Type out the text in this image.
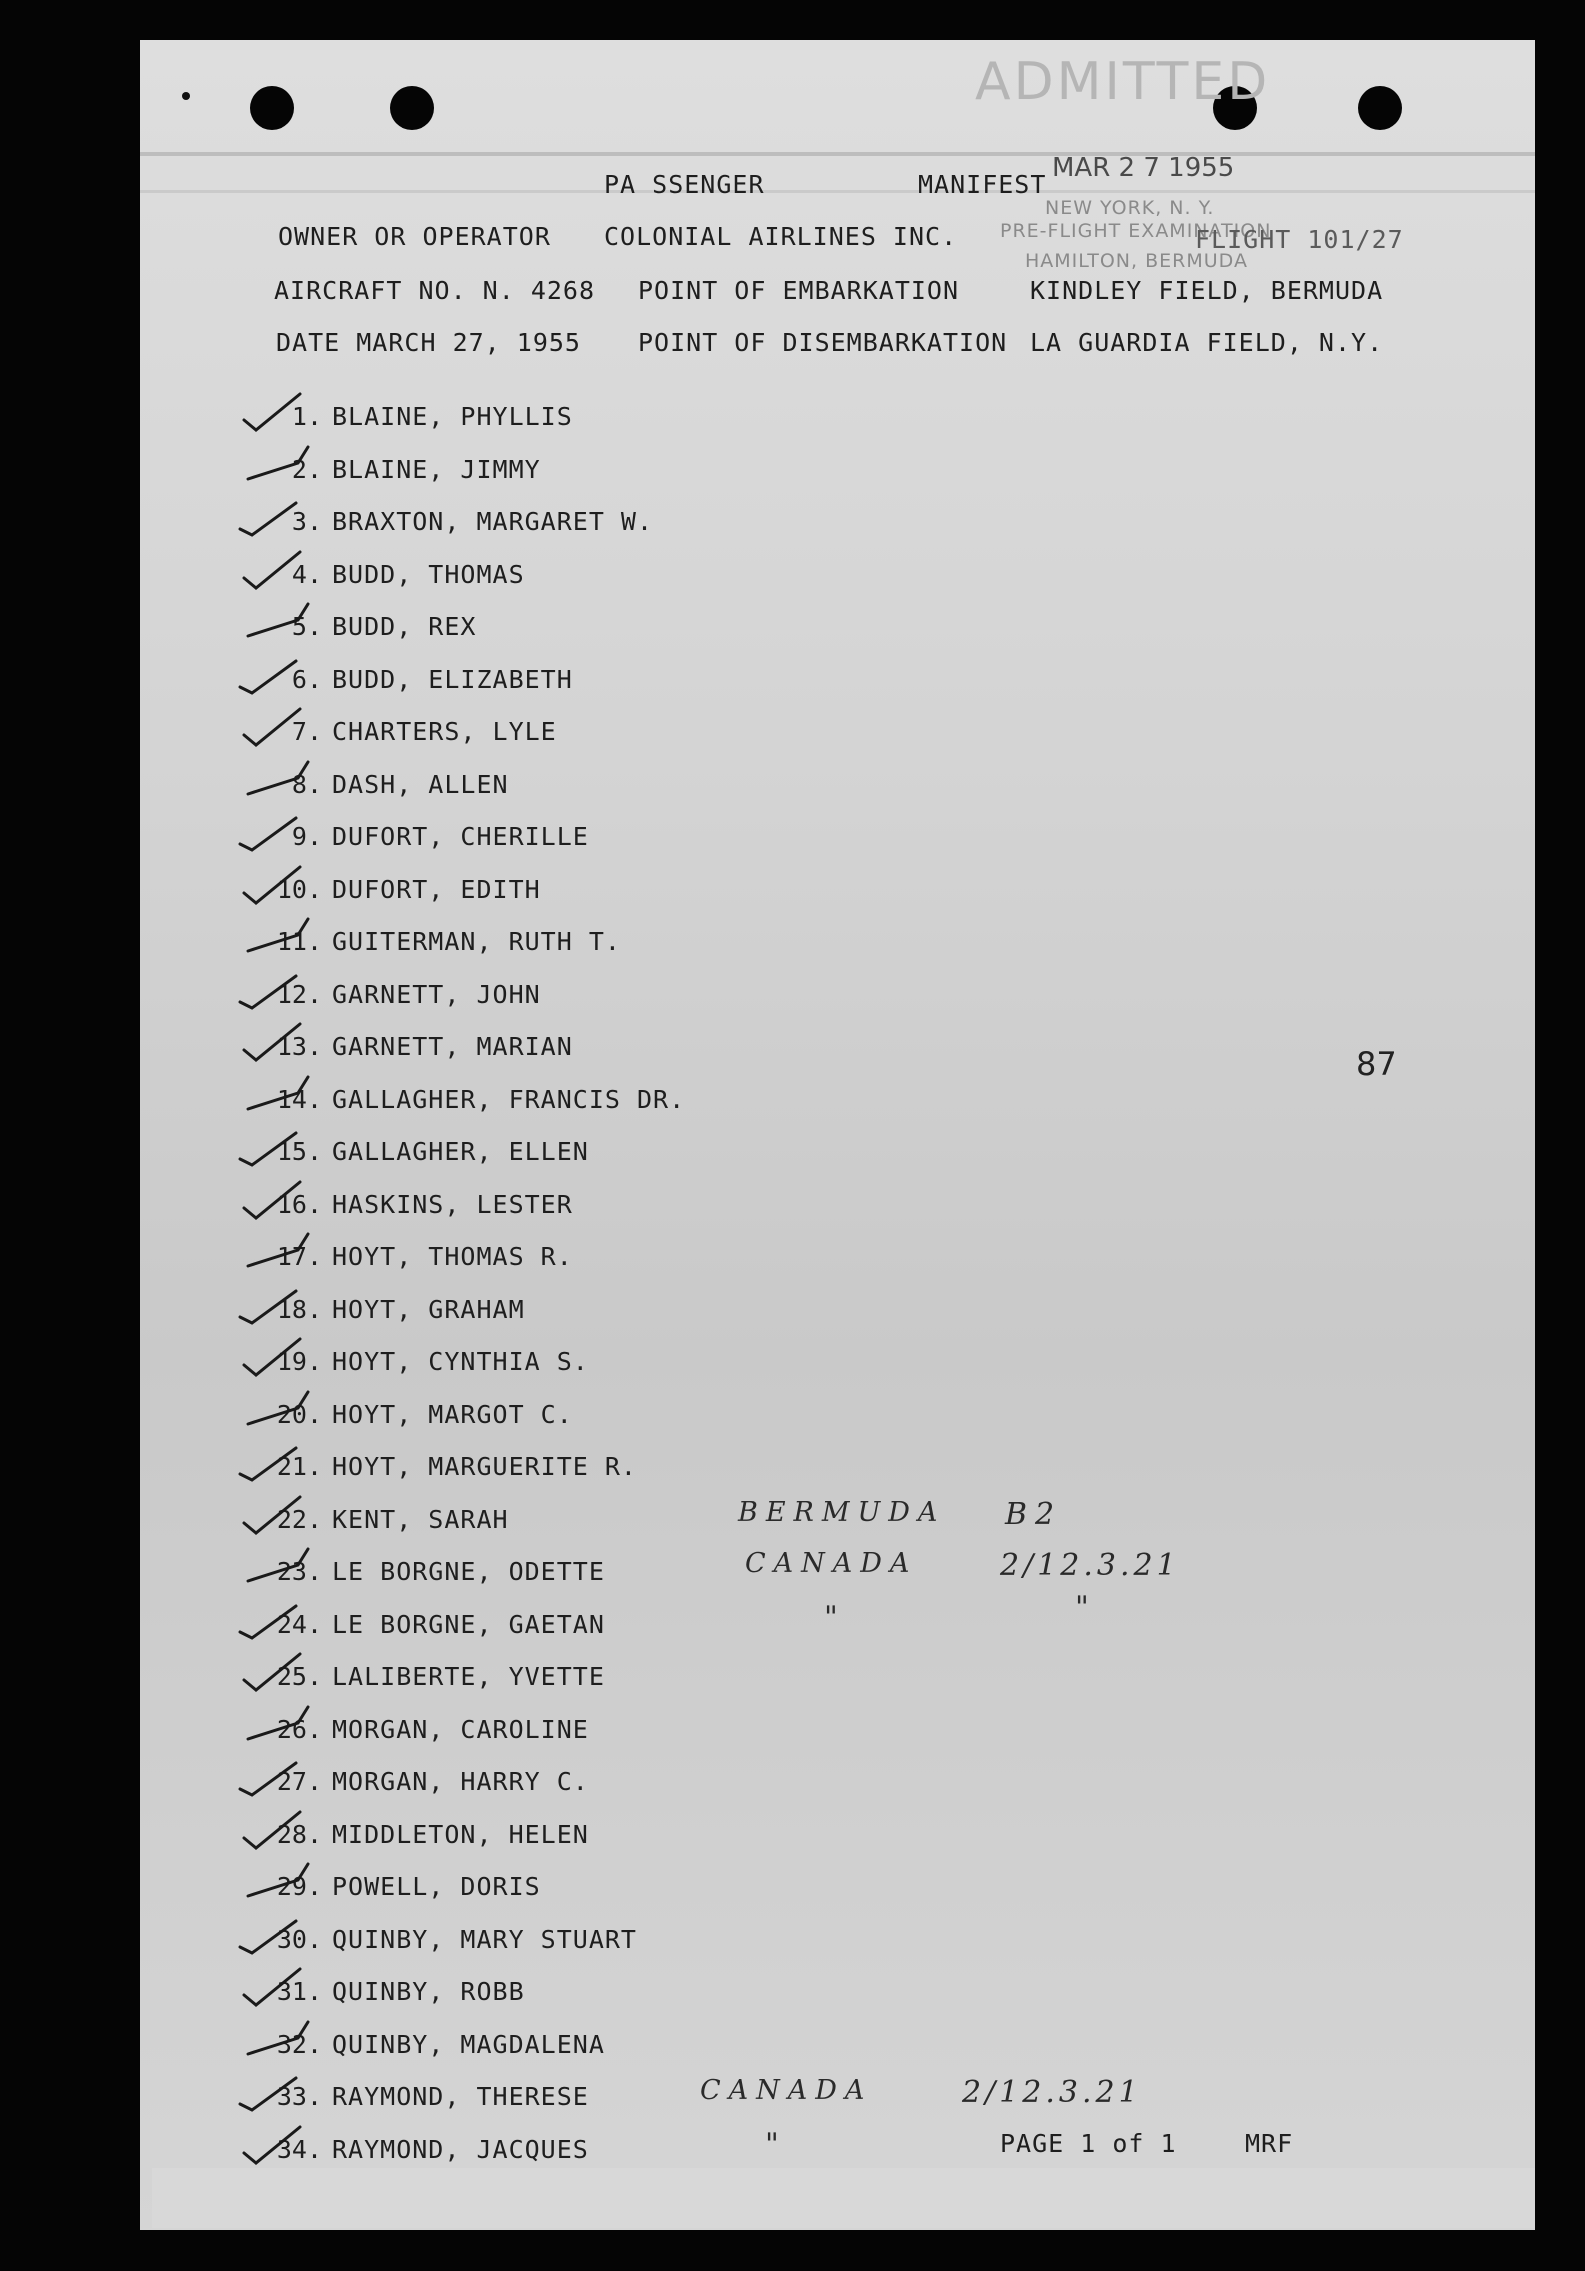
ADMITTED
MAR 2 7 1955
NEW YORK, N. Y.
PRE-FLIGHT EXAMINATION
HAMILTON, BERMUDA
PA SSENGER	MANIFEST
OWNER OR OPERATOR COLONIAL AIRLINES INC.	FLIGHT 101/27
AIRCRAFT NO. N. 4268 POINT OF EMBARKATION	KINDLEY FIELD, BERMUDA
DATE MARCH 27, 1955 POINT OF DISEMBARKATION LA GUARDIA FIELD, N.Y.
1. BLAINE, PHYLLIS
2. BLAINE, JIMMY
3. BRAXTON, MARGARET W.
4. BUDD, THOMAS
5. BUDD, REX
6. BUDD, ELIZABETH
7. CHARTERS, LYLE
8. DASH, ALLEN
9. DUFORT, CHERILLE
10. DUFORT, EDITH
11. GUITERMAN, RUTH T.
12. GARNETT, JOHN
13. GARNETT, MARIAN
14. GALLAGHER, FRANCIS DR.
15. GALLAGHER, ELLEN
16. HASKINS, LESTER
17. HOYT, THOMAS R.
18. HOYT, GRAHAM
19. HOYT, CYNTHIA S.
20. HOYT, MARGOT C.
21. HOYT, MARGUERITE R.
22. KENT, SARAH
23. LE BORGNE, ODETTE
24. LE BORGNE, GAETAN
25. LALIBERTE, YVETTE
26. MORGAN, CAROLINE
27. MORGAN, HARRY C.
28. MIDDLETON, HELEN
29. POWELL, DORIS
30. QUINBY, MARY STUART
31. QUINBY, ROBB
32. QUINBY, MAGDALENA
33. RAYMOND, THERESE
34. RAYMOND, JACQUES
87
BERMUDA B2
CANADA	2/12.3.21
"	"
CANADA	2/12.3.21
"	PAGE 1 of 1	MRF
